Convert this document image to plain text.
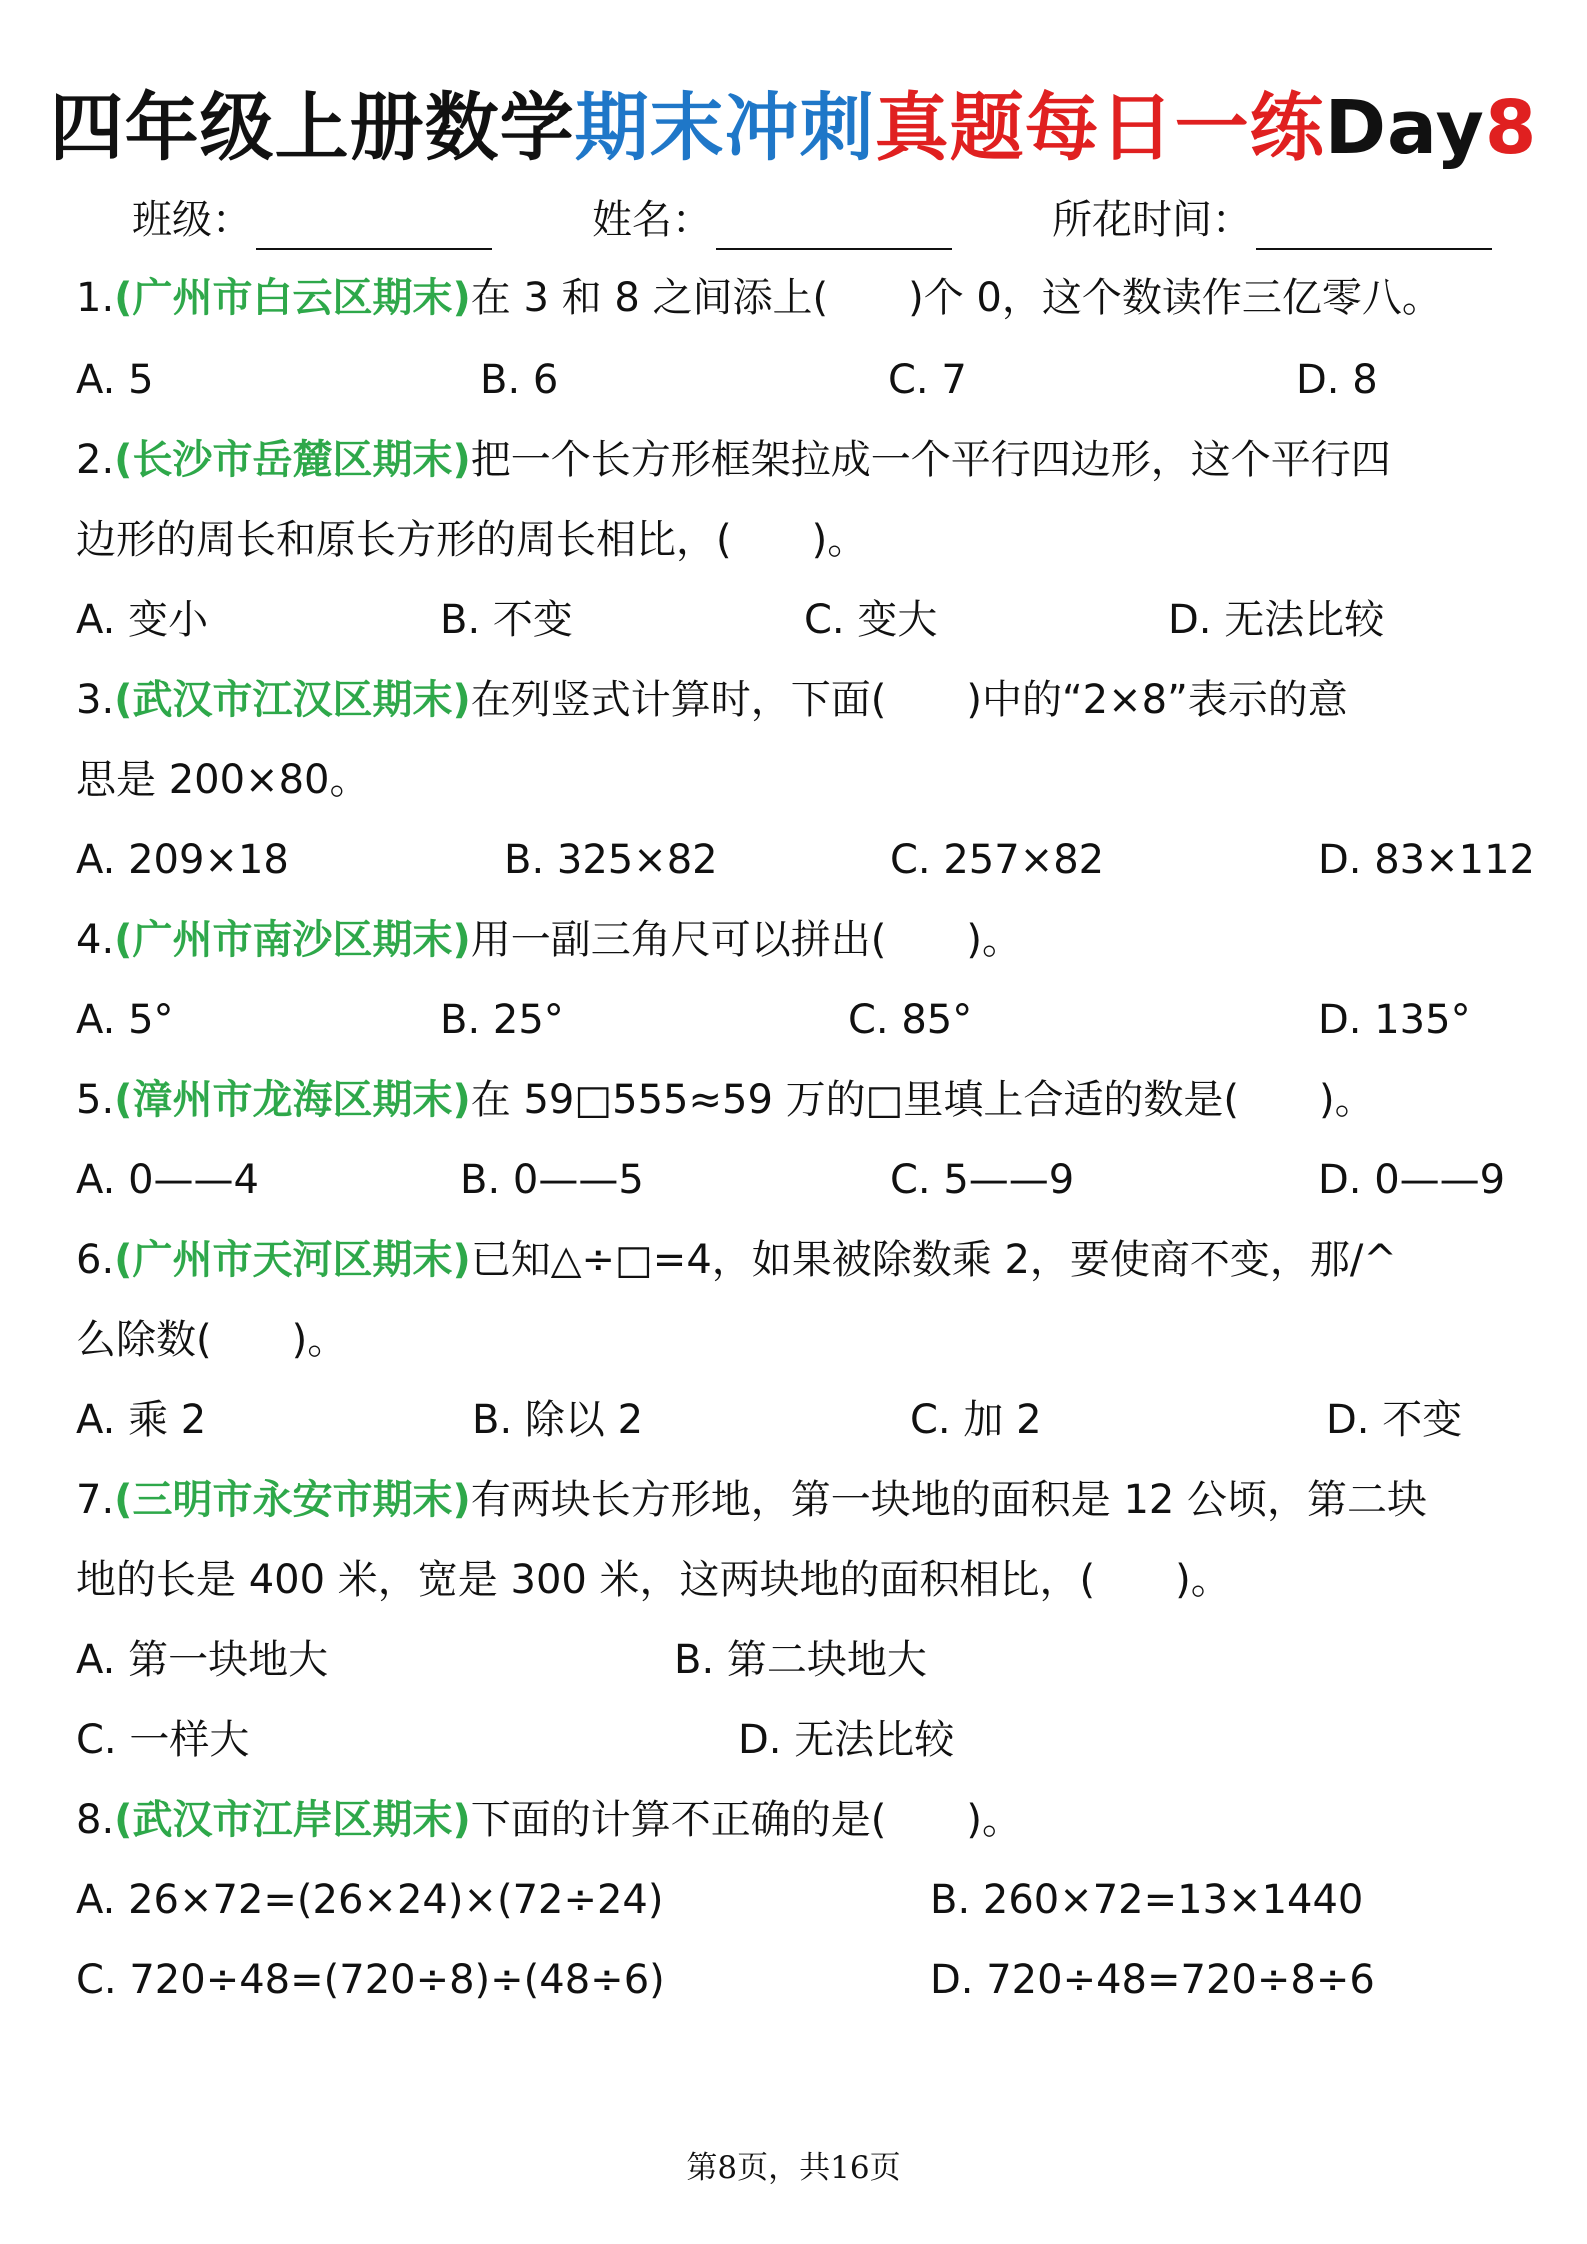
四年级上册数学期末冲刺真题每日一练Day8
班级：	姓名：	所花时间：
1.(广州市白云区期末)在 3 和 8 之间添上(　　)个 0，这个数读作三亿零八。
A. 5	B. 6	C. 7	D. 8
2.(长沙市岳麓区期末)把一个长方形框架拉成一个平行四边形，这个平行四
边形的周长和原长方形的周长相比，(　　)。
A. 变小	B. 不变	C. 变大	D. 无法比较
3.(武汉市江汉区期末)在列竖式计算时，下面(　　)中的“2×8”表示的意
思是 200×80。
A. 209×18	B. 325×82	C. 257×82	D. 83×112
4.(广州市南沙区期末)用一副三角尺可以拼出(　　)。
A. 5°	B. 25°	C. 85°	D. 135°
5.(漳州市龙海区期末)在 59□555≈59 万的□里填上合适的数是(　　)。
A. 0——4	B. 0——5	C. 5——9	D. 0——9
6.(广州市天河区期末)已知△÷□=4，如果被除数乘 2，要使商不变，那/^
么除数(　　)。
A. 乘 2	B. 除以 2	C. 加 2	D. 不变
7.(三明市永安市期末)有两块长方形地，第一块地的面积是 12 公顷，第二块
地的长是 400 米，宽是 300 米，这两块地的面积相比，(　　)。
A. 第一块地大	B. 第二块地大
C. 一样大	D. 无法比较
8.(武汉市江岸区期末)下面的计算不正确的是(　　)。
A. 26×72=(26×24)×(72÷24)	B. 260×72=13×1440
C. 720÷48=(720÷8)÷(48÷6)	D. 720÷48=720÷8÷6
第8页，共16页
